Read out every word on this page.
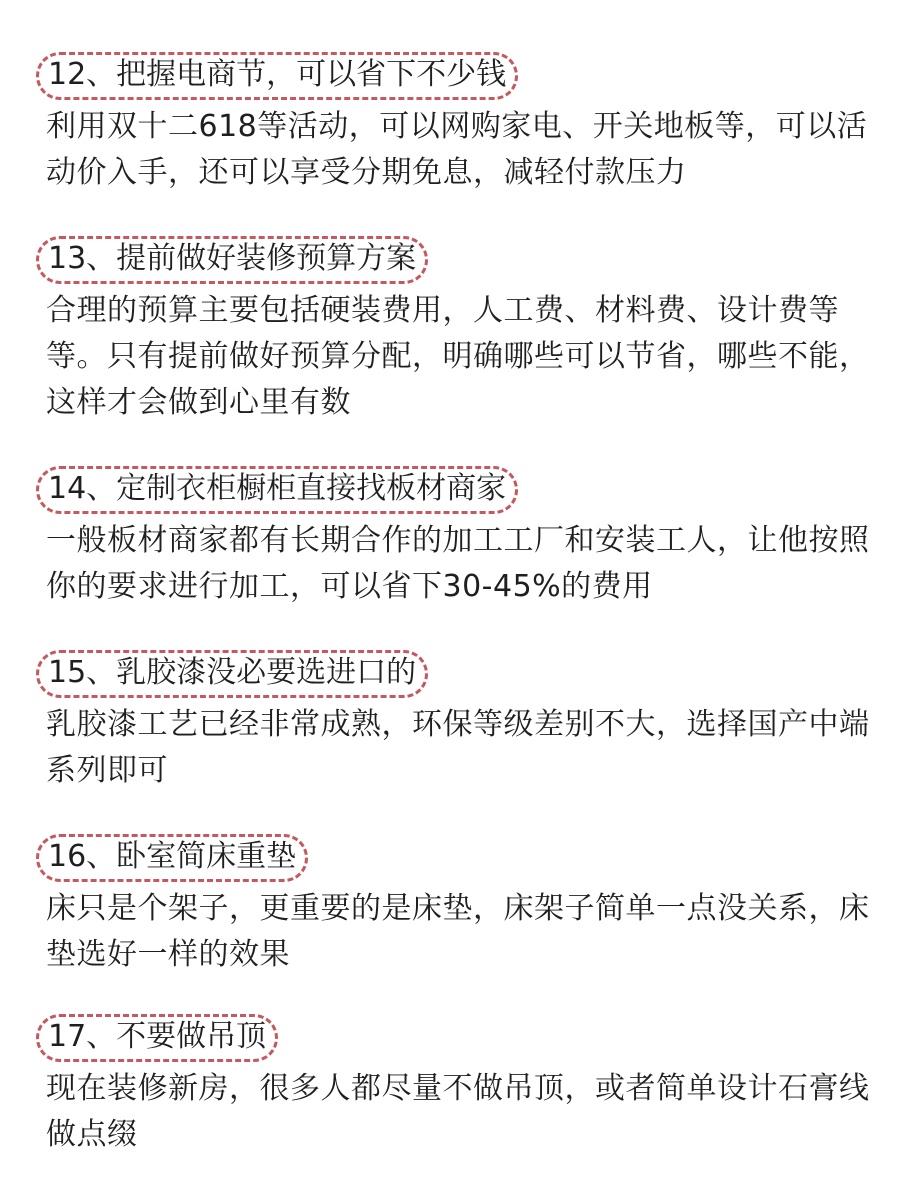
12、把握电商节，可以省下不少钱
利用双十二618等活动，可以网购家电、开关地板等，可以活动价入手，还可以享受分期免息，减轻付款压力
13、提前做好装修预算方案
合理的预算主要包括硬装费用，人工费、材料费、设计费等等。只有提前做好预算分配，明确哪些可以节省，哪些不能，这样才会做到心里有数
14、定制衣柜橱柜直接找板材商家
一般板材商家都有长期合作的加工工厂和安装工人，让他按照你的要求进行加工，可以省下30-45%的费用
15、乳胶漆没必要选进口的
乳胶漆工艺已经非常成熟，环保等级差别不大，选择国产中端系列即可
16、卧室简床重垫
床只是个架子，更重要的是床垫，床架子简单一点没关系，床垫选好一样的效果
17、不要做吊顶
现在装修新房，很多人都尽量不做吊顶，或者简单设计石膏线做点缀
